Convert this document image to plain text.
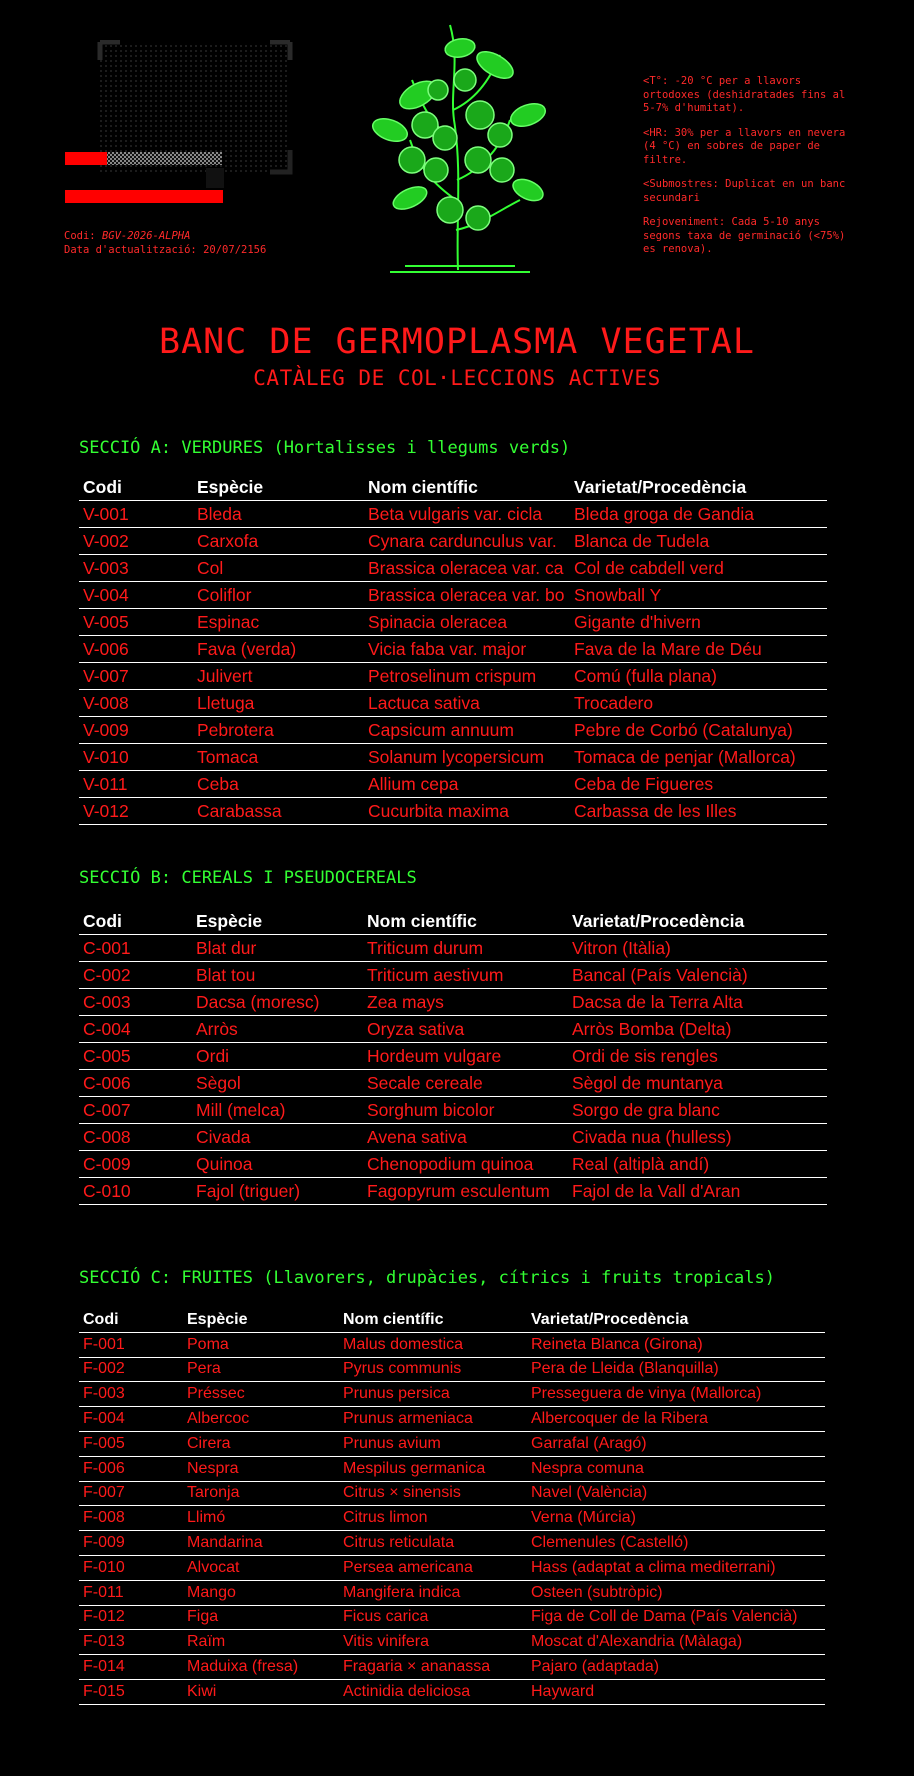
Codi: BGV-2026-ALPHA
Data d'actualització: 20/07/2156

<T°: -20 °C per a llavors ortodoxes (deshidratades fins al 5-7% d'humitat).

<HR: 30% per a llavors en nevera (4 °C) en sobres de paper de filtre.

<Submostres: Duplicat en un banc secundari

Rejoveniment: Cada 5-10 anys segons taxa de germinació (<75%) es renova).

BANC DE GERMOPLASMA VEGETAL
CATÀLEG DE COL·LECCIONS ACTIVES
SECCIÓ A: VERDURES (Hortalisses i llegums verds)
Codi	Espècie	Nom científic	Varietat/Procedència
V-001	Bleda	Beta vulgaris var. cicla	Bleda groga de Gandia
V-002	Carxofa	Cynara cardunculus var.	Blanca de Tudela
V-003	Col	Brassica oleracea var. ca	Col de cabdell verd
V-004	Coliflor	Brassica oleracea var. bo	Snowball Y
V-005	Espinac	Spinacia oleracea	Gigante d'hivern
V-006	Fava (verda)	Vicia faba var. major	Fava de la Mare de Déu
V-007	Julivert	Petroselinum crispum	Comú (fulla plana)
V-008	Lletuga	Lactuca sativa	Trocadero
V-009	Pebrotera	Capsicum annuum	Pebre de Corbó (Catalunya)
V-010	Tomaca	Solanum lycopersicum	Tomaca de penjar (Mallorca)
V-011	Ceba	Allium cepa	Ceba de Figueres
V-012	Carabassa	Cucurbita maxima	Carbassa de les Illes
SECCIÓ B: CEREALS I PSEUDOCEREALS
Codi	Espècie	Nom científic	Varietat/Procedència
C-001	Blat dur	Triticum durum	Vitron (Itàlia)
C-002	Blat tou	Triticum aestivum	Bancal (País Valencià)
C-003	Dacsa (moresc)	Zea mays	Dacsa de la Terra Alta
C-004	Arròs	Oryza sativa	Arròs Bomba (Delta)
C-005	Ordi	Hordeum vulgare	Ordi de sis rengles
C-006	Sègol	Secale cereale	Sègol de muntanya
C-007	Mill (melca)	Sorghum bicolor	Sorgo de gra blanc
C-008	Civada	Avena sativa	Civada nua (hulless)
C-009	Quinoa	Chenopodium quinoa	Real (altiplà andí)
C-010	Fajol (triguer)	Fagopyrum esculentum	Fajol de la Vall d'Aran
SECCIÓ C: FRUITES (Llavorers, drupàcies, cítrics i fruits tropicals)
Codi	Espècie	Nom científic	Varietat/Procedència
F-001	Poma	Malus domestica	Reineta Blanca (Girona)
F-002	Pera	Pyrus communis	Pera de Lleida (Blanquilla)
F-003	Préssec	Prunus persica	Presseguera de vinya (Mallorca)
F-004	Albercoc	Prunus armeniaca	Albercoquer de la Ribera
F-005	Cirera	Prunus avium	Garrafal (Aragó)
F-006	Nespra	Mespilus germanica	Nespra comuna
F-007	Taronja	Citrus × sinensis	Navel (València)
F-008	Llimó	Citrus limon	Verna (Múrcia)
F-009	Mandarina	Citrus reticulata	Clemenules (Castelló)
F-010	Alvocat	Persea americana	Hass (adaptat a clima mediterrani)
F-011	Mango	Mangifera indica	Osteen (subtròpic)
F-012	Figa	Ficus carica	Figa de Coll de Dama (País Valencià)
F-013	Raïm	Vitis vinifera	Moscat d'Alexandria (Màlaga)
F-014	Maduixa (fresa)	Fragaria × ananassa	Pajaro (adaptada)
F-015	Kiwi	Actinidia deliciosa	Hayward
